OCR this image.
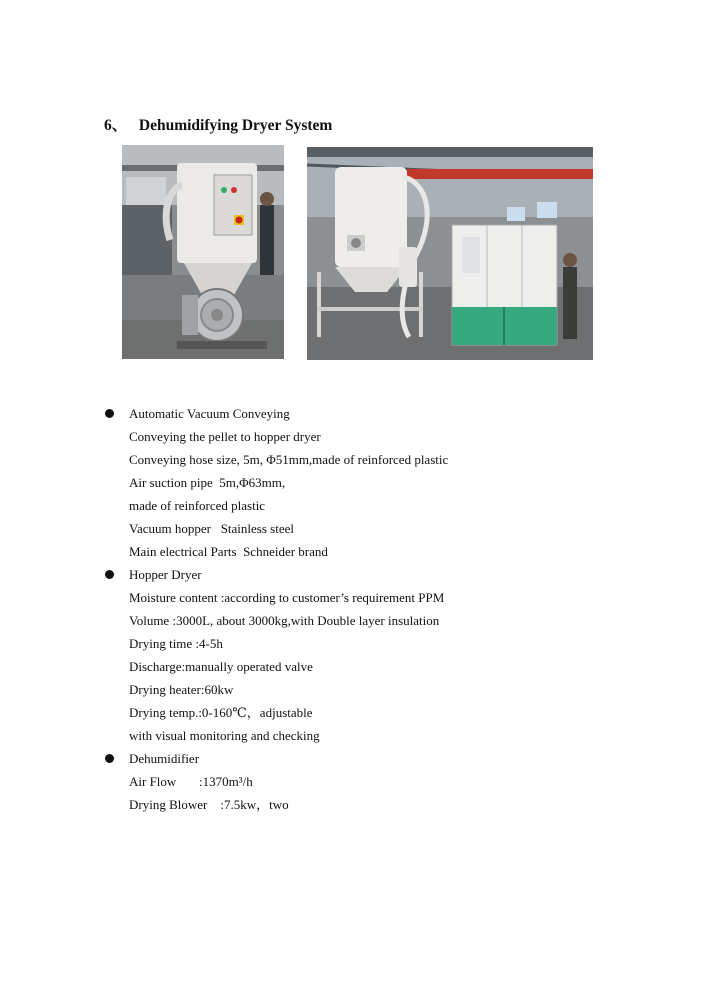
6、 Dehumidifying Dryer System
Automatic Vacuum Conveying
Conveying the pellet to hopper dryer
Conveying hose size, 5m, Φ51mm,made of reinforced plastic
Air suction pipe  5m,Φ63mm,
made of reinforced plastic
Vacuum hopper   Stainless steel
Main electrical Parts  Schneider brand
Hopper Dryer
Moisture content :according to customer’s requirement PPM
Volume :3000L, about 3000kg,with Double layer insulation
Drying time :4-5h
Discharge:manually operated valve
Drying heater:60kw
Drying temp.:0-160℃，adjustable
with visual monitoring and checking
Dehumidifier
Air Flow       :1370m³/h
Drying Blower    :7.5kw，two
